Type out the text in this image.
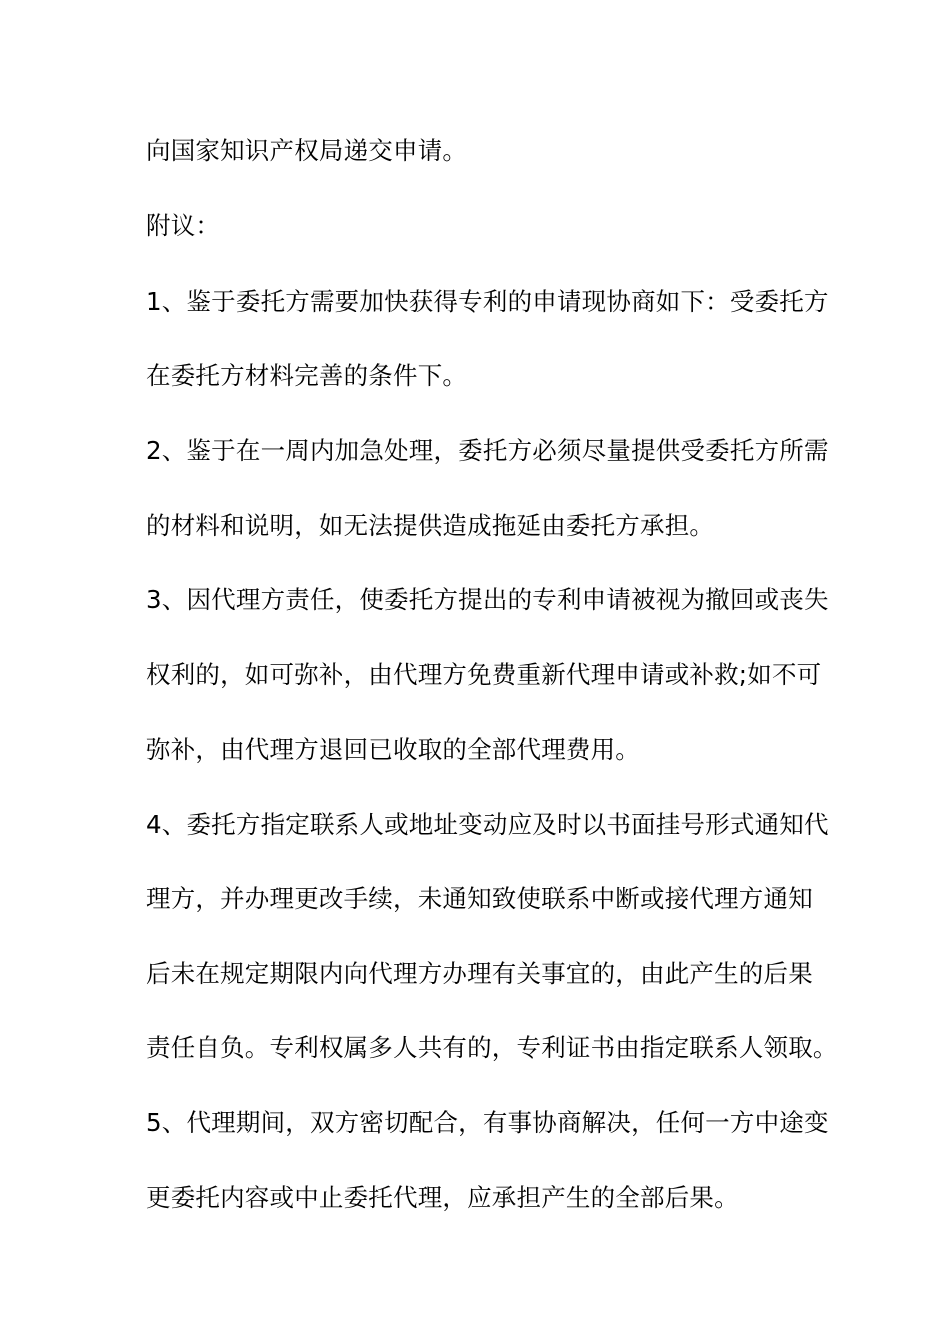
向国家知识产权局递交申请。
附议：
1、鉴于委托方需要加快获得专利的申请现协商如下：受委托方
在委托方材料完善的条件下。
2、鉴于在一周内加急处理，委托方必须尽量提供受委托方所需
的材料和说明，如无法提供造成拖延由委托方承担。
3、因代理方责任，使委托方提出的专利申请被视为撤回或丧失
权利的，如可弥补，由代理方免费重新代理申请或补救;如不可
弥补，由代理方退回已收取的全部代理费用。
4、委托方指定联系人或地址变动应及时以书面挂号形式通知代
理方，并办理更改手续，未通知致使联系中断或接代理方通知
后未在规定期限内向代理方办理有关事宜的，由此产生的后果
责任自负。专利权属多人共有的，专利证书由指定联系人领取。
5、代理期间，双方密切配合，有事协商解决，任何一方中途变
更委托内容或中止委托代理，应承担产生的全部后果。
